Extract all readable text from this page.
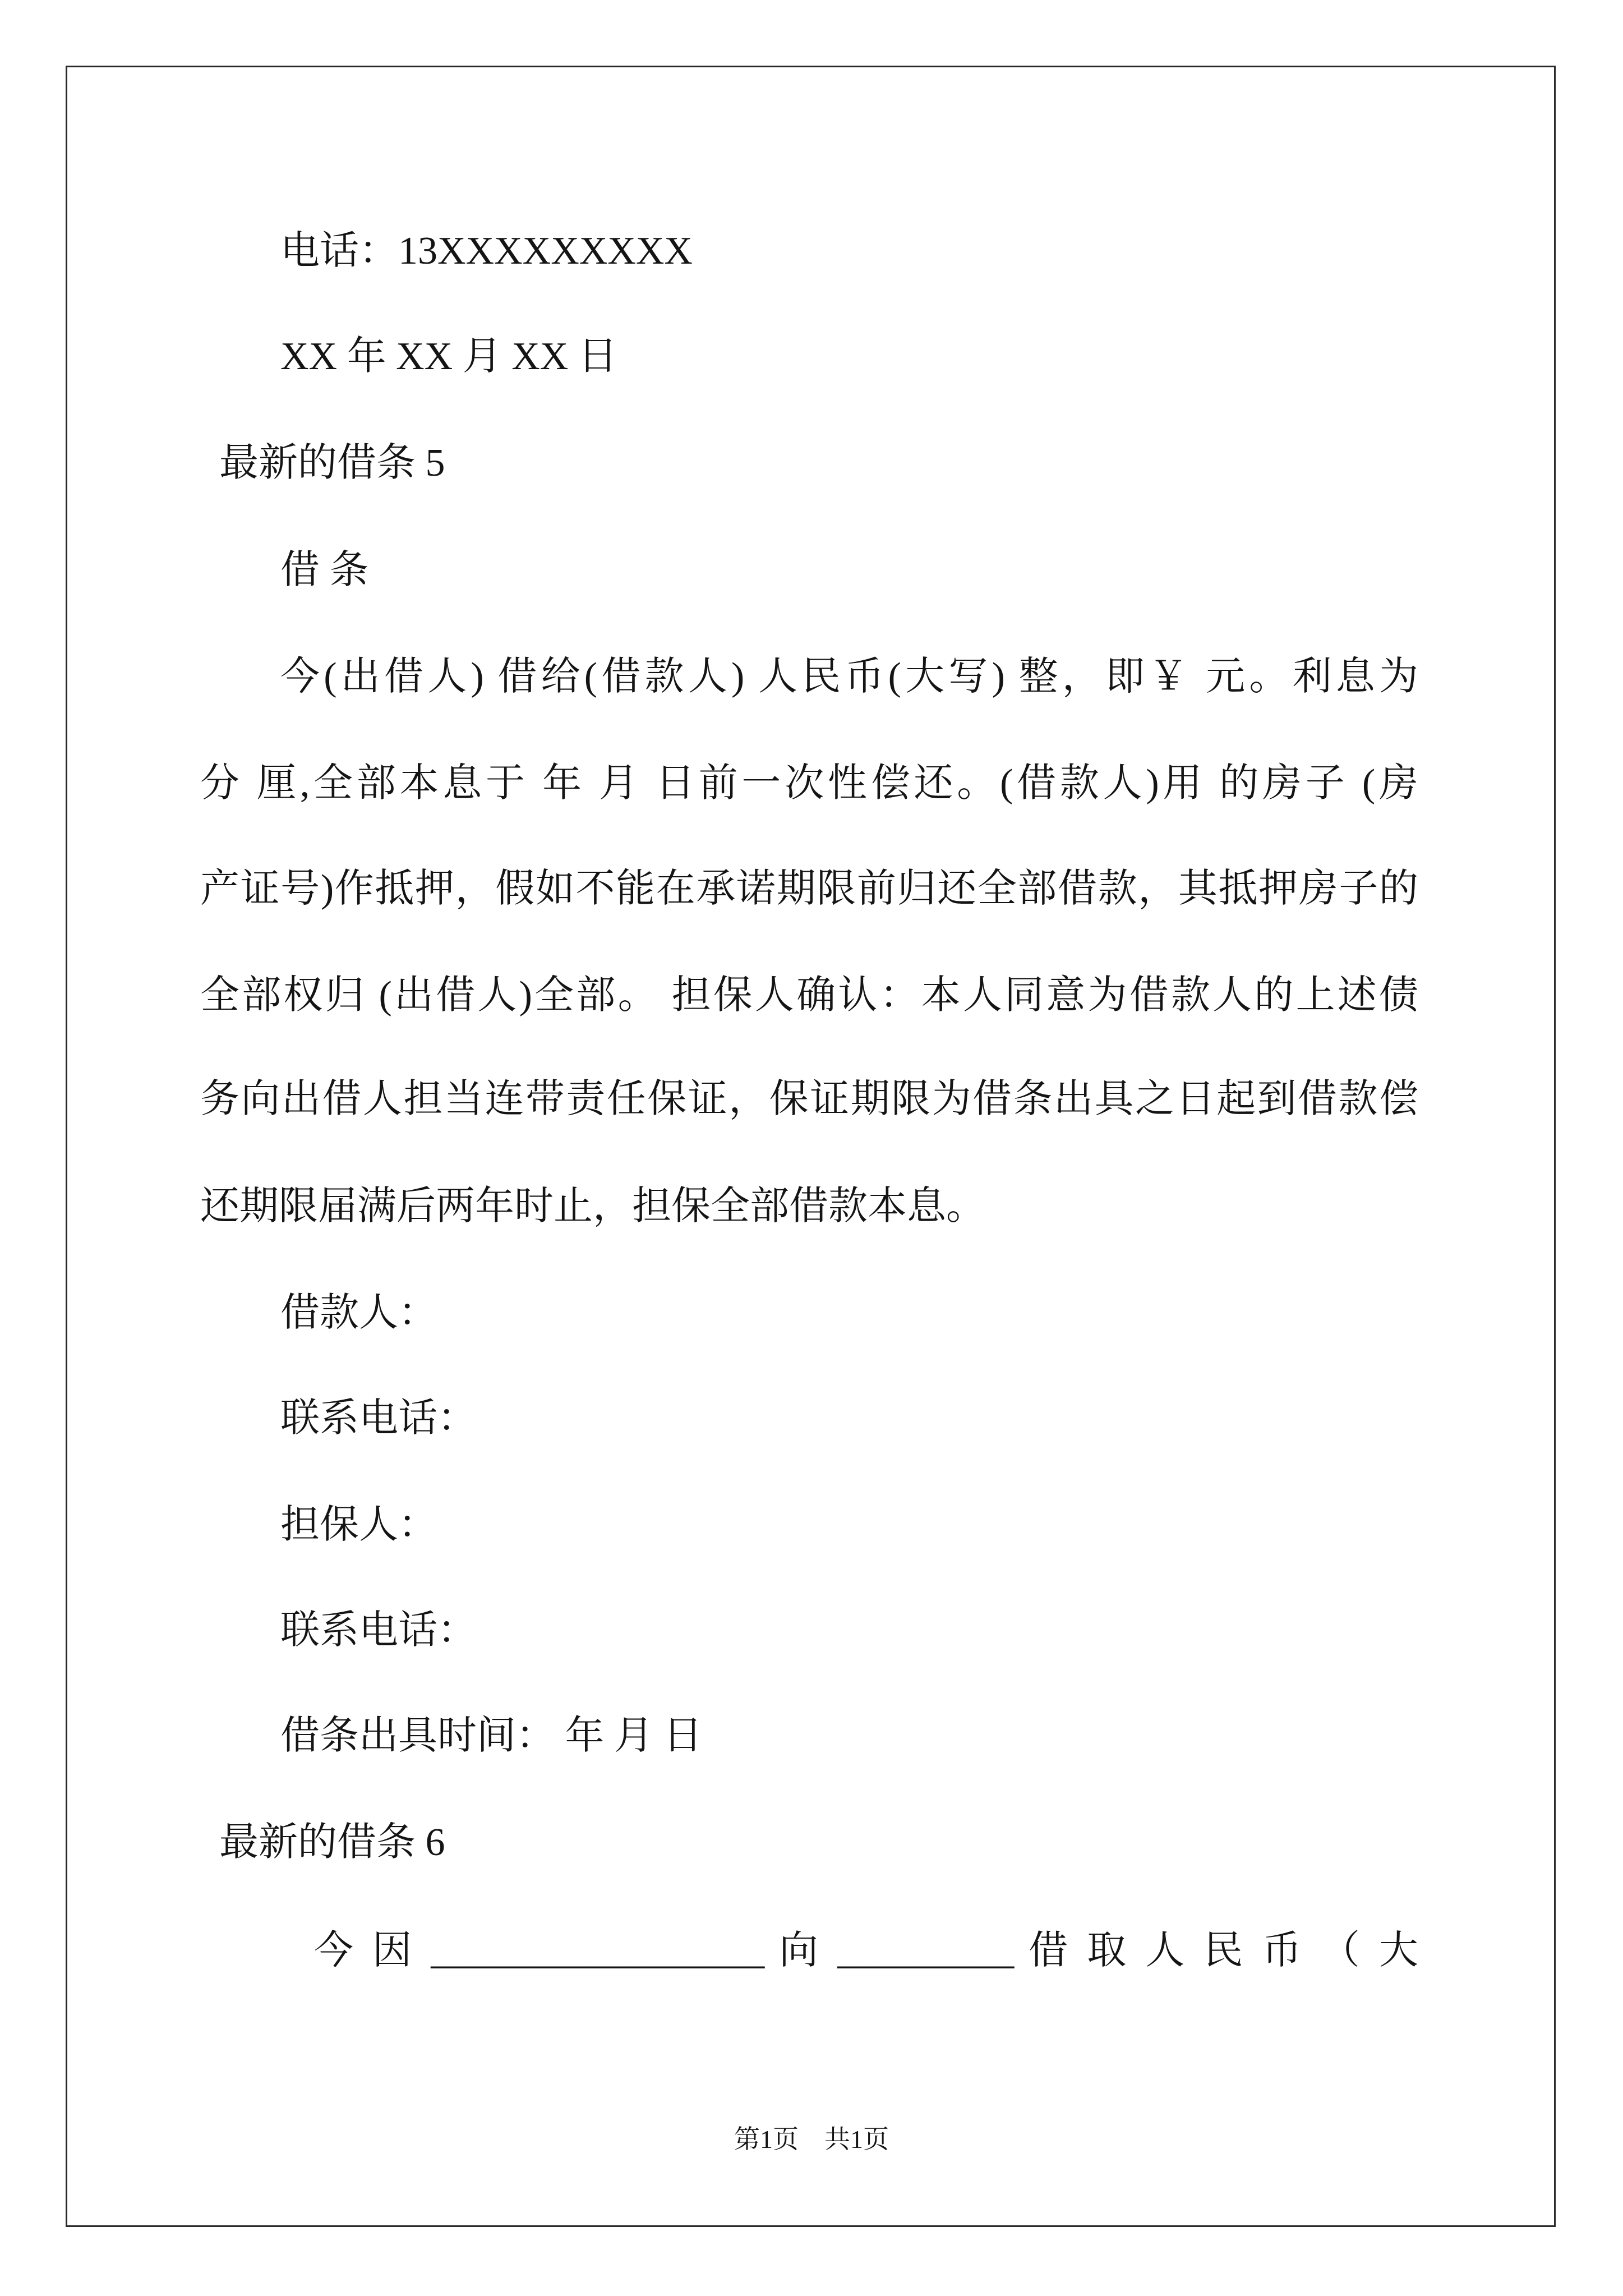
电话：13XXXXXXXXX
XX 年 XX 月 XX 日
最新的借条 5
借 条
今(出借人) 借给(借款人) 人民币(大写) 整，即￥ 元。利息为
分 厘,全部本息于 年 月 日前一次性偿还。(借款人)用 的房子 (房
产证号)作抵押，假如不能在承诺期限前归还全部借款，其抵押房子的
全部权归 (出借人)全部。 担保人确认：本人同意为借款人的上述债
务向出借人担当连带责任保证，保证期限为借条出具之日起到借款偿
还期限届满后两年时止，担保全部借款本息。
借款人：
联系电话：
担保人：
联系电话：
借条出具时间： 年 月 日
最新的借条 6
今 因 _________________ 向 _________ 借 取 人 民 币 （ 大
第1页　共1页
